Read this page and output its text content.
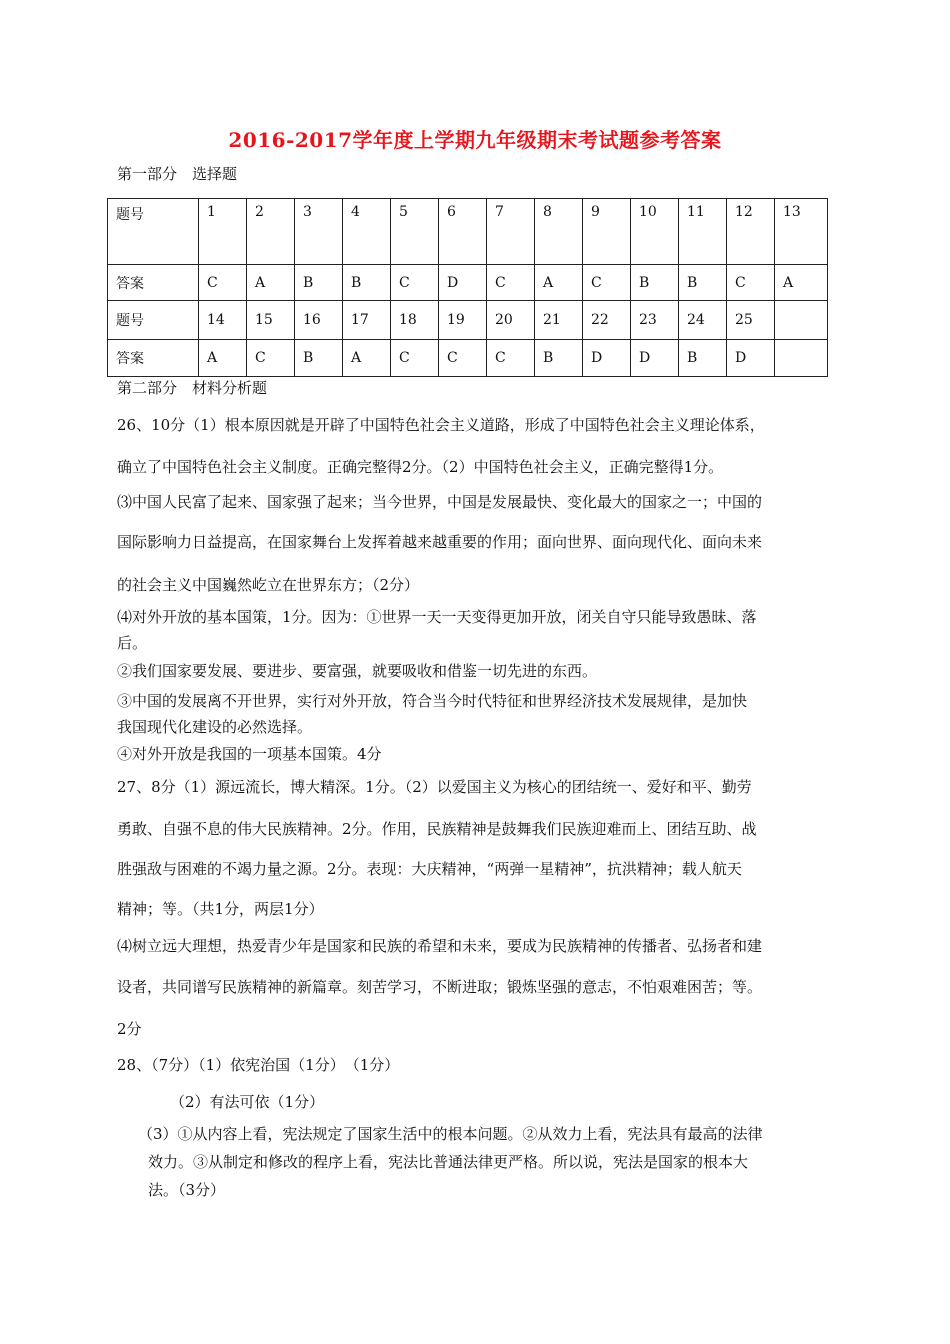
2016-2017学年度上学期九年级期末考试题参考答案
第一部分　选择题
题号	1	2	3	4	5	6	7	8	9	10	11	12	13
答案	C	A	B	B	C	D	C	A	C	B	B	C	A
题号	14	15	16	17	18	19	20	21	22	23	24	25	
答案	A	C	B	A	C	C	C	B	D	D	B	D	
第二部分　材料分析题
26、10分（1）根本原因就是开辟了中国特色社会主义道路，形成了中国特色社会主义理论体系，
确立了中国特色社会主义制度。正确完整得2分。（2）中国特色社会主义，正确完整得1分。
⑶中国人民富了起来、国家强了起来；当今世界，中国是发展最快、变化最大的国家之一；中国的
国际影响力日益提高，在国家舞台上发挥着越来越重要的作用；面向世界、面向现代化、面向未来
的社会主义中国巍然屹立在世界东方；（2分）
⑷对外开放的基本国策，1分。因为：①世界一天一天变得更加开放，闭关自守只能导致愚昧、落
后。
②我们国家要发展、要进步、要富强，就要吸收和借鉴一切先进的东西。
③中国的发展离不开世界，实行对外开放，符合当今时代特征和世界经济技术发展规律，是加快
我国现代化建设的必然选择。
④对外开放是我国的一项基本国策。4分
27、8分（1）源远流长，博大精深。1分。（2）以爱国主义为核心的团结统一、爱好和平、勤劳
勇敢、自强不息的伟大民族精神。2分。作用，民族精神是鼓舞我们民族迎难而上、团结互助、战
胜强敌与困难的不竭力量之源。2分。表现：大庆精神，“两弹一星精神”，抗洪精神；载人航天
精神；等。（共1分，两层1分）
⑷树立远大理想，热爱青少年是国家和民族的希望和未来，要成为民族精神的传播者、弘扬者和建
设者，共同谱写民族精神的新篇章。刻苦学习，不断进取；锻炼坚强的意志，不怕艰难困苦；等。
2分
28、（7分）（1）依宪治国（1分）　（1分）
（2）有法可依（1分）
（3）①从内容上看，宪法规定了国家生活中的根本问题。②从效力上看，宪法具有最高的法律
效力。③从制定和修改的程序上看，宪法比普通法律更严格。所以说，宪法是国家的根本大
法。（3分）
